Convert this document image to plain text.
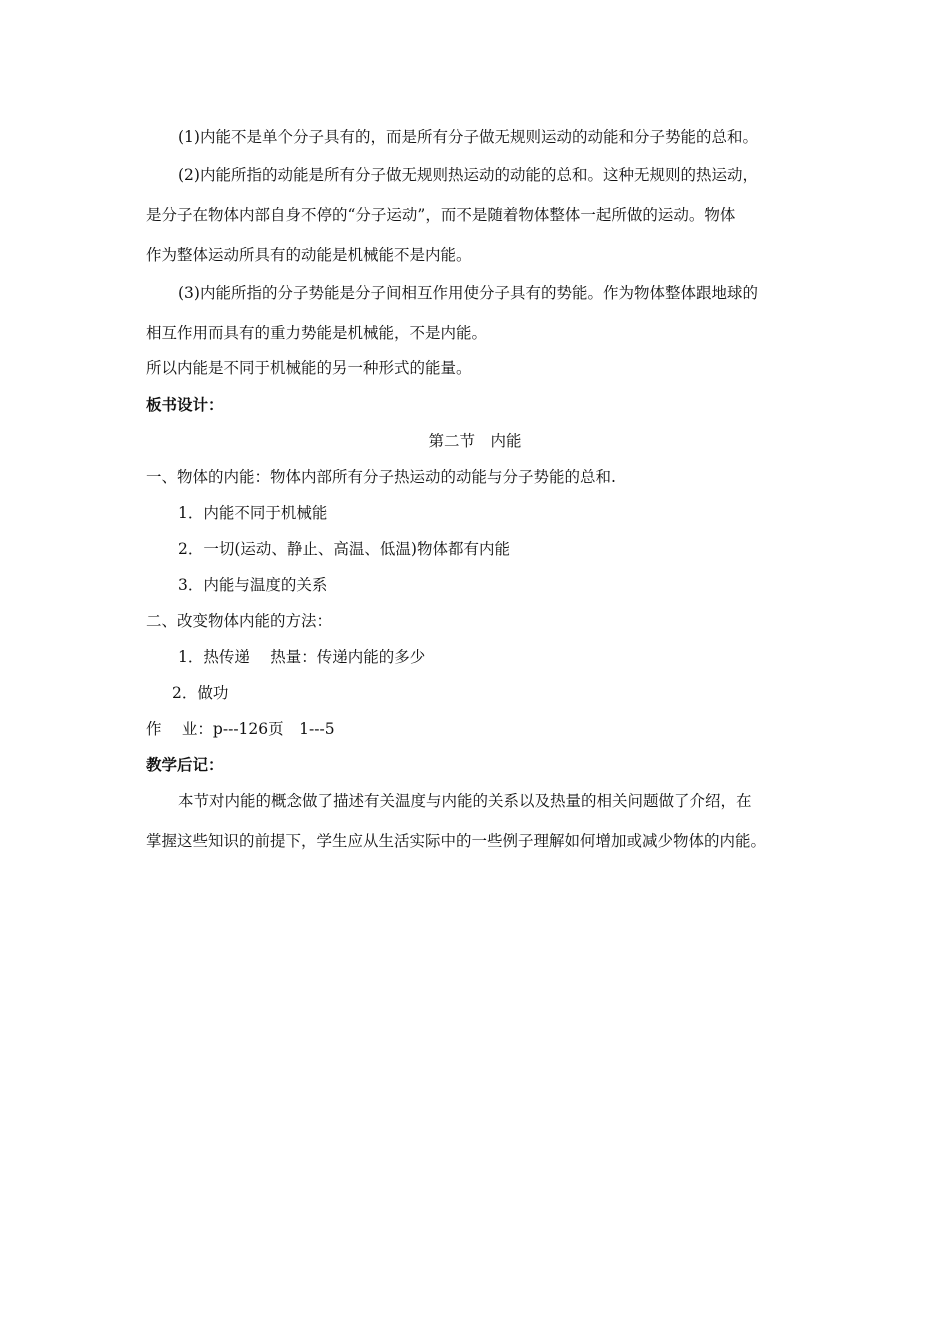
(1)内能不是单个分子具有的，而是所有分子做无规则运动的动能和分子势能的总和。
(2)内能所指的动能是所有分子做无规则热运动的动能的总和。这种无规则的热运动，
是分子在物体内部自身不停的“分子运动”，而不是随着物体整体一起所做的运动。物体
作为整体运动所具有的动能是机械能不是内能。
(3)内能所指的分子势能是分子间相互作用使分子具有的势能。作为物体整体跟地球的
相互作用而具有的重力势能是机械能，不是内能。
所以内能是不同于机械能的另一种形式的能量。
板书设计：
第二节　内能
一、物体的内能：物体内部所有分子热运动的动能与分子势能的总和.
1．内能不同于机械能
2．一切(运动、静止、高温、低温)物体都有内能
3．内能与温度的关系
二、改变物体内能的方法：
1．热传递　 热量：传递内能的多少
2．做功
作　 业：p---126页　1---5
教学后记：
本节对内能的概念做了描述有关温度与内能的关系以及热量的相关问题做了介绍，在
掌握这些知识的前提下，学生应从生活实际中的一些例子理解如何增加或减少物体的内能。
